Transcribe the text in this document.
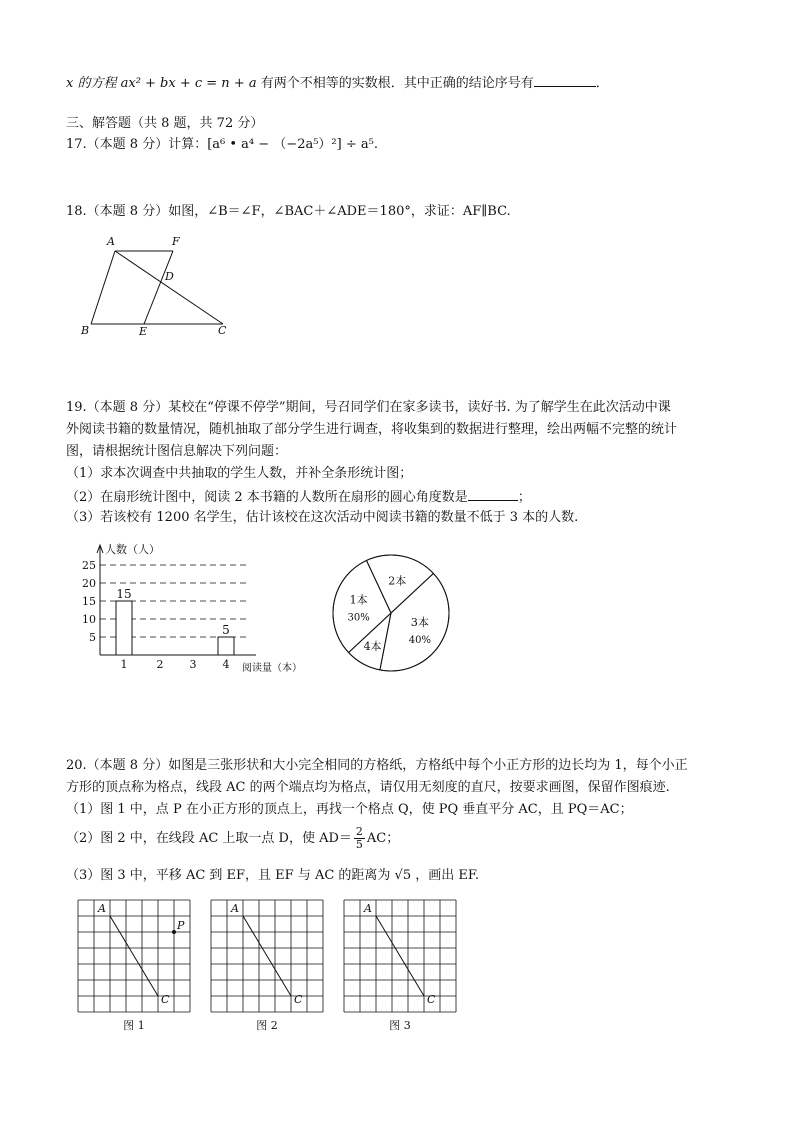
x 的方程 ax² + bx + c = n + a 有两个不相等的实数根．其中正确的结论序号有	．
三、解答题（共 8 题，共 72 分）
17.（本题 8 分）计算：[a⁶ • a⁴ − （−2a⁵）²] ÷ a⁵.
18.（本题 8 分）如图，∠B＝∠F，∠BAC＋∠ADE＝180°，求证：AF∥BC.
A	F
D
B	E	C
19.（本题 8 分）某校在“停课不停学”期间，号召同学们在家多读书，读好书. 为了解学生在此次活动中课
外阅读书籍的数量情况，随机抽取了部分学生进行调查，将收集到的数据进行整理，绘出两幅不完整的统计
图，请根据统计图信息解决下列问题：
（1）求本次调查中共抽取的学生人数，并补全条形统计图；
（2）在扇形统计图中，阅读 2 本书籍的人数所在扇形的圆心角度数是	；
（3）若该校有 1200 名学生，估计该校在这次活动中阅读书籍的数量不低于 3 本的人数.
人数（人）
阅读量（本）
5
10
15
20
25
15
5
1	2 3 4
2本
3本
40%
4本
1本
30%
20.（本题 8 分）如图是三张形状和大小完全相同的方格纸，方格纸中每个小正方形的边长均为 1，每个小正
方形的顶点称为格点，线段 AC 的两个端点均为格点，请仅用无刻度的直尺，按要求画图，保留作图痕迹.
（1）图 1 中，点 P 在小正方形的顶点上，再找一个格点 Q，使 PQ 垂直平分 AC，且 PQ＝AC；
（2）图 2 中，在线段 AC 上取一点 D，使 $AD= \frac{2}{5}$ AC；
（3）图 3 中，平移 AC 到 EF，且 EF 与 AC 的距离为 √5 ，画出 EF.
A
C
P
图 1
A
C
图 2
A
C
图 3
